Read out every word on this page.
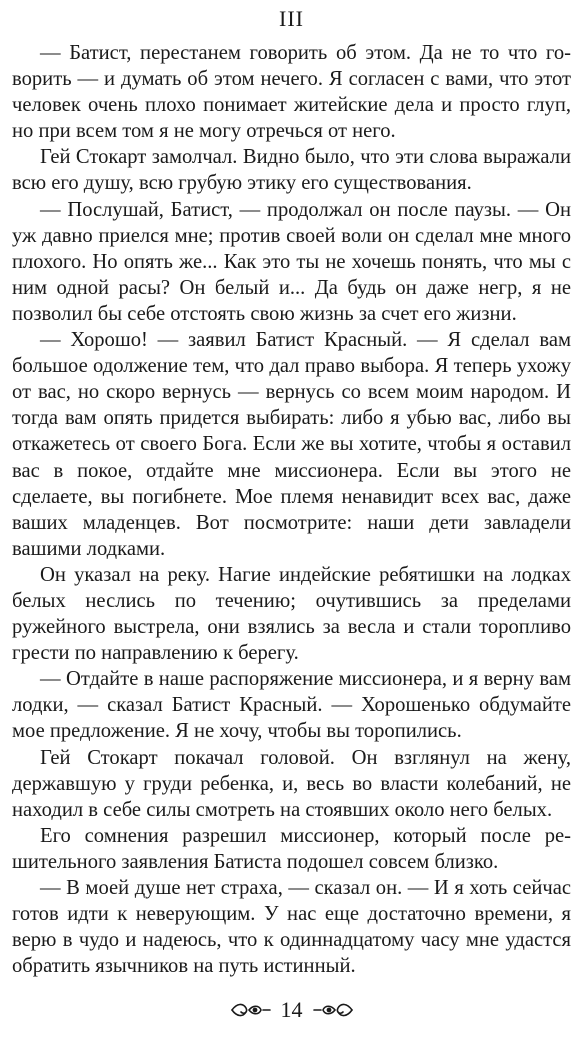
III

— Батист, перестанем говорить об этом. Да не то что говорить — и думать об этом нечего. Я согласен с вами, что этот человек очень плохо понимает житейские дела и просто глуп, но при всем том я не могу отречься от него.

Гей Стокарт замолчал. Видно было, что эти слова выражали всю его душу, всю грубую этику его существования.

— Послушай, Батист, — продолжал он после паузы. — Он уж давно приелся мне; против своей воли он сделал мне много плохого. Но опять же... Как это ты не хочешь понять, что мы с ним одной расы? Он белый и... Да будь он даже негр, я не позволил бы себе отстоять свою жизнь за счет его жизни.

— Хорошо! — заявил Батист Красный. — Я сделал вам большое одолжение тем, что дал право выбора. Я теперь ухожу от вас, но скоро вернусь — вернусь со всем моим народом. И тогда вам опять придется выбирать: либо я убью вас, либо вы откажетесь от своего Бога. Если же вы хотите, чтобы я оставил вас в покое, отдайте мне миссионера. Если вы этого не сделаете, вы погибнете. Мое племя ненавидит всех вас, даже ваших младенцев. Вот посмотрите: наши дети завладели вашими лодками.

Он указал на реку. Нагие индейские ребятишки на лодках белых неслись по течению; очутившись за пределами ружейного выстрела, они взялись за весла и стали торопливо грести по направлению к берегу.

— Отдайте в наше распоряжение миссионера, и я верну вам лодки, — сказал Батист Красный. — Хорошенько обдумайте мое предложение. Я не хочу, чтобы вы торопились.

Гей Стокарт покачал головой. Он взглянул на жену, державшую у груди ребенка, и, весь во власти колебаний, не находил в себе силы смотреть на стоявших около него белых.

Его сомнения разрешил миссионер, который после решительного заявления Батиста подошел совсем близко.

— В моей душе нет страха, — сказал он. — И я хоть сейчас готов идти к неверующим. У нас еще достаточно времени, я верю в чудо и надеюсь, что к одиннадцатому часу мне удастся обратить язычников на путь истинный.

14
